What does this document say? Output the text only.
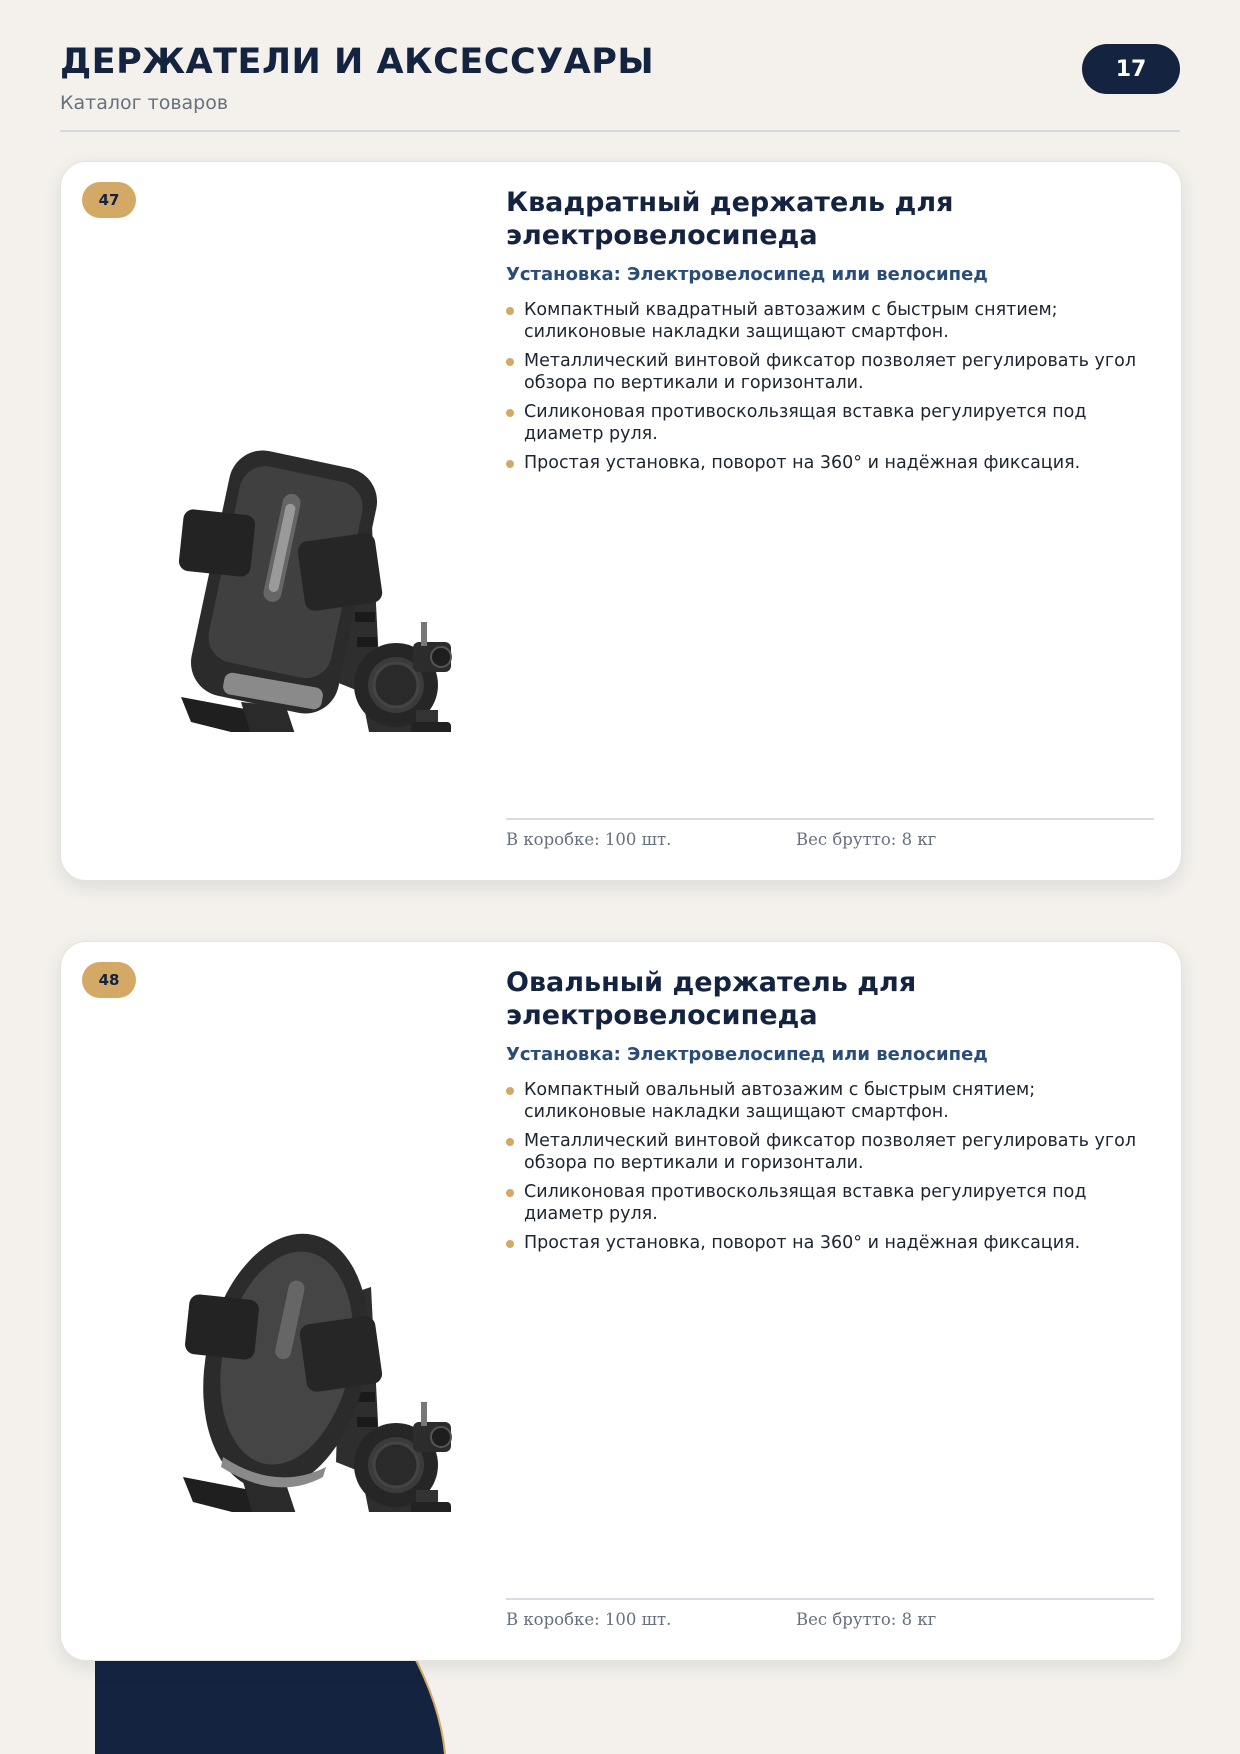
ДЕРЖАТЕЛИ И АКСЕССУАРЫ
Каталог товаров
17
47	Квадратный держатель для электровелосипеда
Установка: Электровелосипед или велосипед
Компактный квадратный автозажим с быстрым снятием; силиконовые накладки защищают смартфон.
Металлический винтовой фиксатор позволяет регулировать угол обзора по вертикали и горизонтали.
Силиконовая противоскользящая вставка регулируется под диаметр руля.
Простая установка, поворот на 360° и надёжная фиксация.
В коробке: 100 шт.	Вес брутто: 8 кг
48	Овальный держатель для электровелосипеда
Установка: Электровелосипед или велосипед
Компактный овальный автозажим с быстрым снятием; силиконовые накладки защищают смартфон.
Металлический винтовой фиксатор позволяет регулировать угол обзора по вертикали и горизонтали.
Силиконовая противоскользящая вставка регулируется под диаметр руля.
Простая установка, поворот на 360° и надёжная фиксация.
В коробке: 100 шт.	Вес брутто: 8 кг
